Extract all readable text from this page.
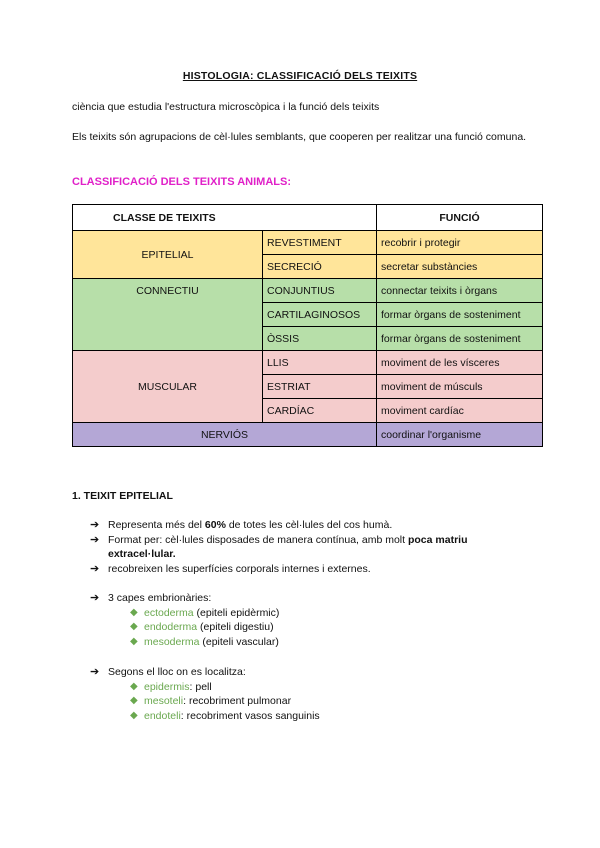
HISTOLOGIA: CLASSIFICACIÓ DELS TEIXITS
ciència que estudia l'estructura microscòpica i la funció dels teixits
Els teixits són agrupacions de cèl·lules semblants, que cooperen per realitzar una funció comuna.
CLASSIFICACIÓ DELS TEIXITS ANIMALS:
CLASSE DE TEIXITS		FUNCIÓ
EPITELIAL	REVESTIMENT	recobrir i protegir
	SECRECIÓ	secretar substàncies
CONNECTIU	CONJUNTIUS	connectar teixits i òrgans
	CARTILAGINOSOS	formar òrgans de sosteniment
	ÒSSIS	formar òrgans de sosteniment
MUSCULAR	LLIS	moviment de les vísceres
	ESTRIAT	moviment de músculs
	CARDÍAC	moviment cardíac
NERVIÓS		coordinar l'organisme
1. TEIXIT EPITELIAL
➔ Representa més del 60% de totes les cèl·lules del cos humà.
➔ Format per: cèl·lules disposades de manera contínua, amb molt poca matriu extracel·lular.
➔ recobreixen les superfícies corporals internes i externes.
➔ 3 capes embrionàries:
◆ ectoderma (epiteli epidèrmic)
◆ endoderma (epiteli digestiu)
◆ mesoderma (epiteli vascular)
➔ Segons el lloc on es localitza:
◆ epidermis: pell
◆ mesoteli: recobriment pulmonar
◆ endoteli: recobriment vasos sanguinis
